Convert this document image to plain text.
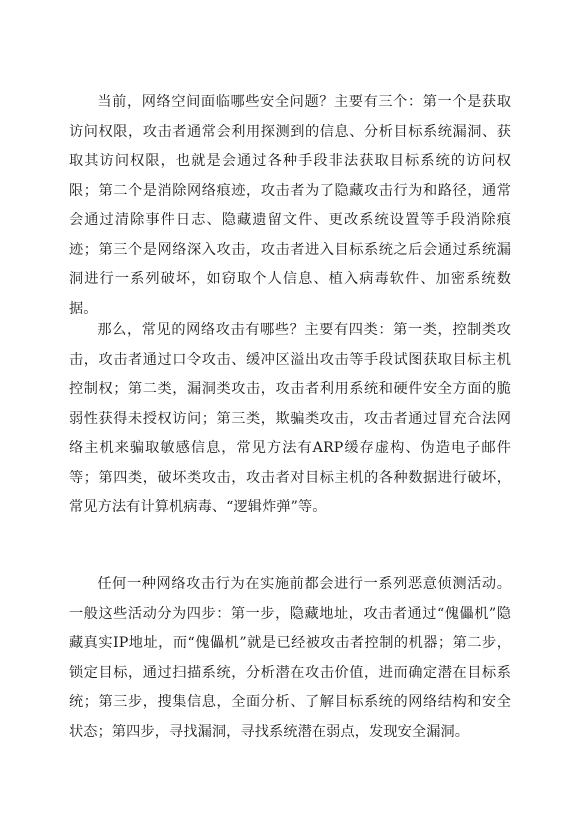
当前，网络空间面临哪些安全问题？主要有三个：第一个是获取访问权限，攻击者通常会利用探测到的信息、分析目标系统漏洞、获取其访问权限，也就是会通过各种手段非法获取目标系统的访问权限；第二个是消除网络痕迹，攻击者为了隐藏攻击行为和路径，通常会通过清除事件日志、隐藏遗留文件、更改系统设置等手段消除痕迹；第三个是网络深入攻击，攻击者进入目标系统之后会通过系统漏洞进行一系列破坏，如窃取个人信息、植入病毒软件、加密系统数据。

那么，常见的网络攻击有哪些？主要有四类：第一类，控制类攻击，攻击者通过口令攻击、缓冲区溢出攻击等手段试图获取目标主机控制权；第二类，漏洞类攻击，攻击者利用系统和硬件安全方面的脆弱性获得未授权访问；第三类，欺骗类攻击，攻击者通过冒充合法网络主机来骗取敏感信息，常见方法有ARP缓存虚构、伪造电子邮件等；第四类，破坏类攻击，攻击者对目标主机的各种数据进行破坏，常见方法有计算机病毒、“逻辑炸弹”等。

任何一种网络攻击行为在实施前都会进行一系列恶意侦测活动。一般这些活动分为四步：第一步，隐藏地址，攻击者通过“傀儡机”隐藏真实IP地址，而“傀儡机”就是已经被攻击者控制的机器；第二步，锁定目标，通过扫描系统，分析潜在攻击价值，进而确定潜在目标系统；第三步，搜集信息，全面分析、了解目标系统的网络结构和安全状态；第四步，寻找漏洞，寻找系统潜在弱点，发现安全漏洞。
